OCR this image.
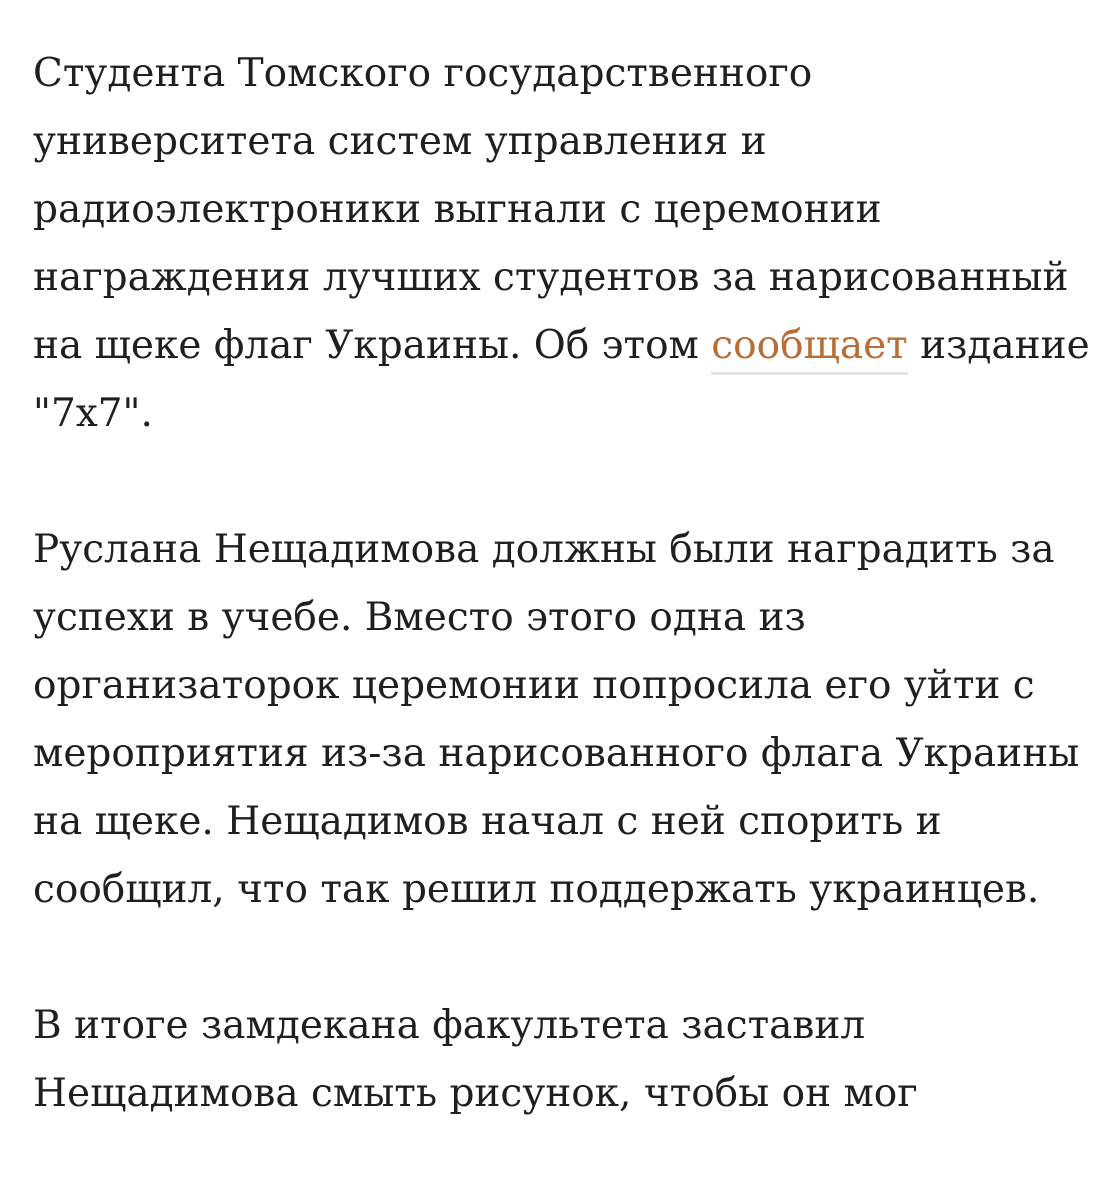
Студента Томского государственного университета систем управления и радиоэлектроники выгнали с церемонии награждения лучших студентов за нарисованный на щеке флаг Украины. Об этом сообщает издание "7x7".

Руслана Нещадимова должны были наградить за успехи в учебе. Вместо этого одна из организаторок церемонии попросила его уйти с мероприятия из-за нарисованного флага Украины на щеке. Нещадимов начал с ней спорить и сообщил, что так решил поддержать украинцев.

В итоге замдекана факультета заставил Нещадимова смыть рисунок, чтобы он мог
